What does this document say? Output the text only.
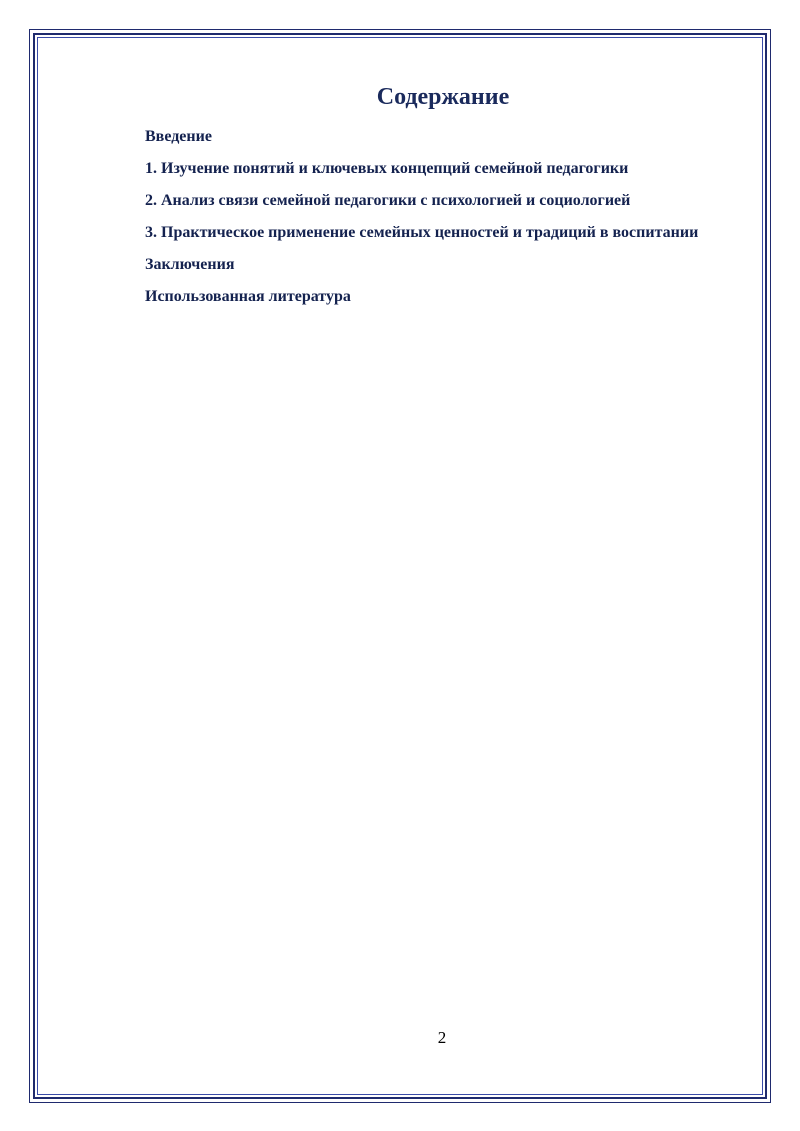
Содержание
Введение
1. Изучение понятий и ключевых концепций семейной педагогики
2. Анализ связи семейной педагогики с психологией и социологией
3. Практическое применение семейных ценностей и традиций в воспитании
Заключения
Использованная литература
2
